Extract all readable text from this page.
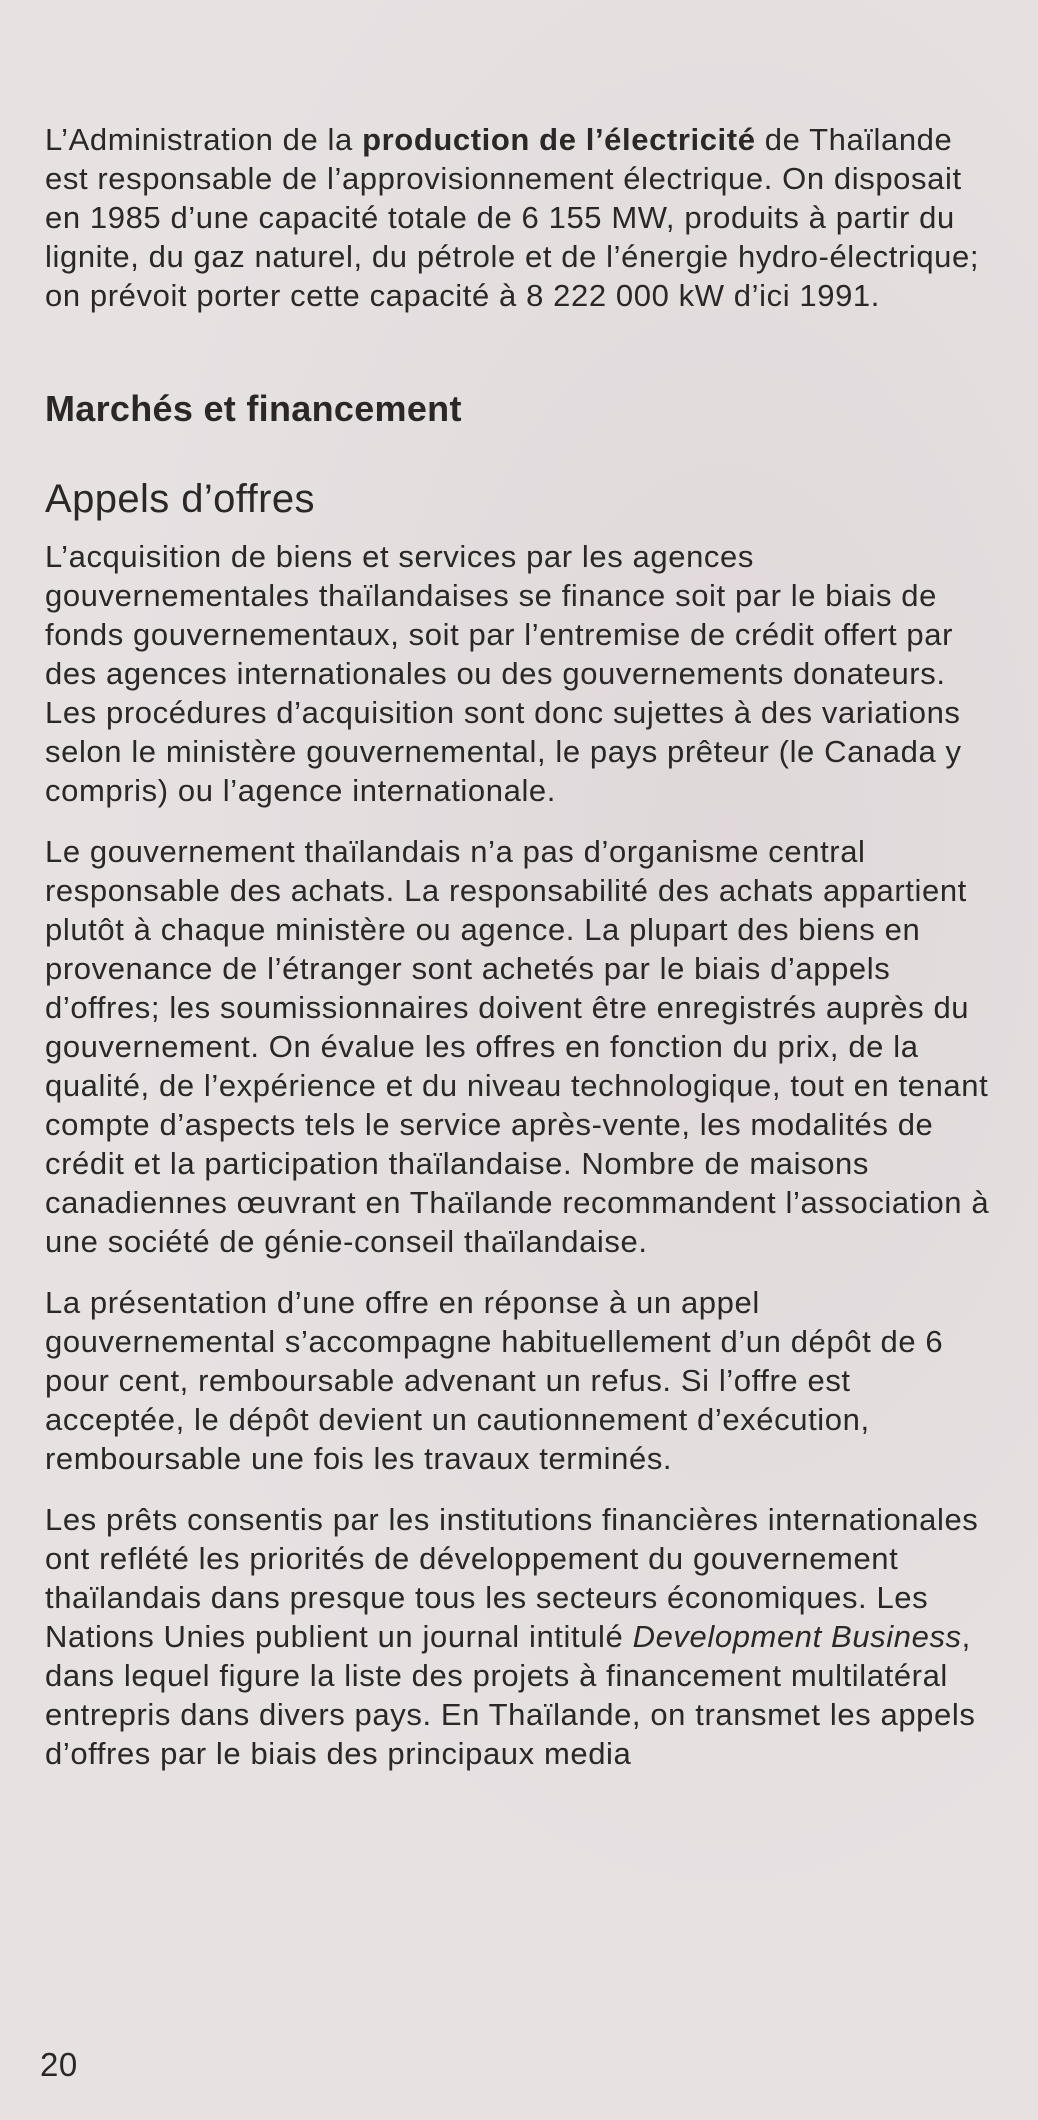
L’Administration de la production de l’électricité de Thaïlande est responsable de l’approvisionnement électrique. On disposait en 1985 d’une capacité totale de 6 155 MW, produits à partir du lignite, du gaz naturel, du pétrole et de l’énergie hydro-électrique; on prévoit porter cette capacité à 8 222 000 kW d’ici 1991.

Marchés et financement
Appels d’offres

L’acquisition de biens et services par les agences gouvernementales thaïlandaises se finance soit par le biais de fonds gouvernementaux, soit par l’entremise de crédit offert par des agences internationales ou des gouvernements donateurs. Les procédures d’acquisition sont donc sujettes à des variations selon le ministère gouvernemental, le pays prêteur (le Canada y compris) ou l’agence internationale.

Le gouvernement thaïlandais n’a pas d’organisme central responsable des achats. La responsabilité des achats appartient plutôt à chaque ministère ou agence. La plupart des biens en provenance de l’étranger sont achetés par le biais d’appels d’offres; les soumissionnaires doivent être enregistrés auprès du gouvernement. On évalue les offres en fonction du prix, de la qualité, de l’expérience et du niveau technologique, tout en tenant compte d’aspects tels le service après-vente, les modalités de crédit et la participation thaïlandaise. Nombre de maisons canadiennes œuvrant en Thaïlande recommandent l’association à une société de génie-conseil thaïlandaise.

La présentation d’une offre en réponse à un appel gouvernemental s’accompagne habituellement d’un dépôt de 6 pour cent, remboursable advenant un refus. Si l’offre est acceptée, le dépôt devient un cautionnement d’exécution, remboursable une fois les travaux terminés.

Les prêts consentis par les institutions financières internationales ont reflété les priorités de développement du gouvernement thaïlandais dans presque tous les secteurs économiques. Les Nations Unies publient un journal intitulé Development Business, dans lequel figure la liste des projets à financement multilatéral entrepris dans divers pays. En Thaïlande, on transmet les appels d’offres par le biais des principaux media

20
